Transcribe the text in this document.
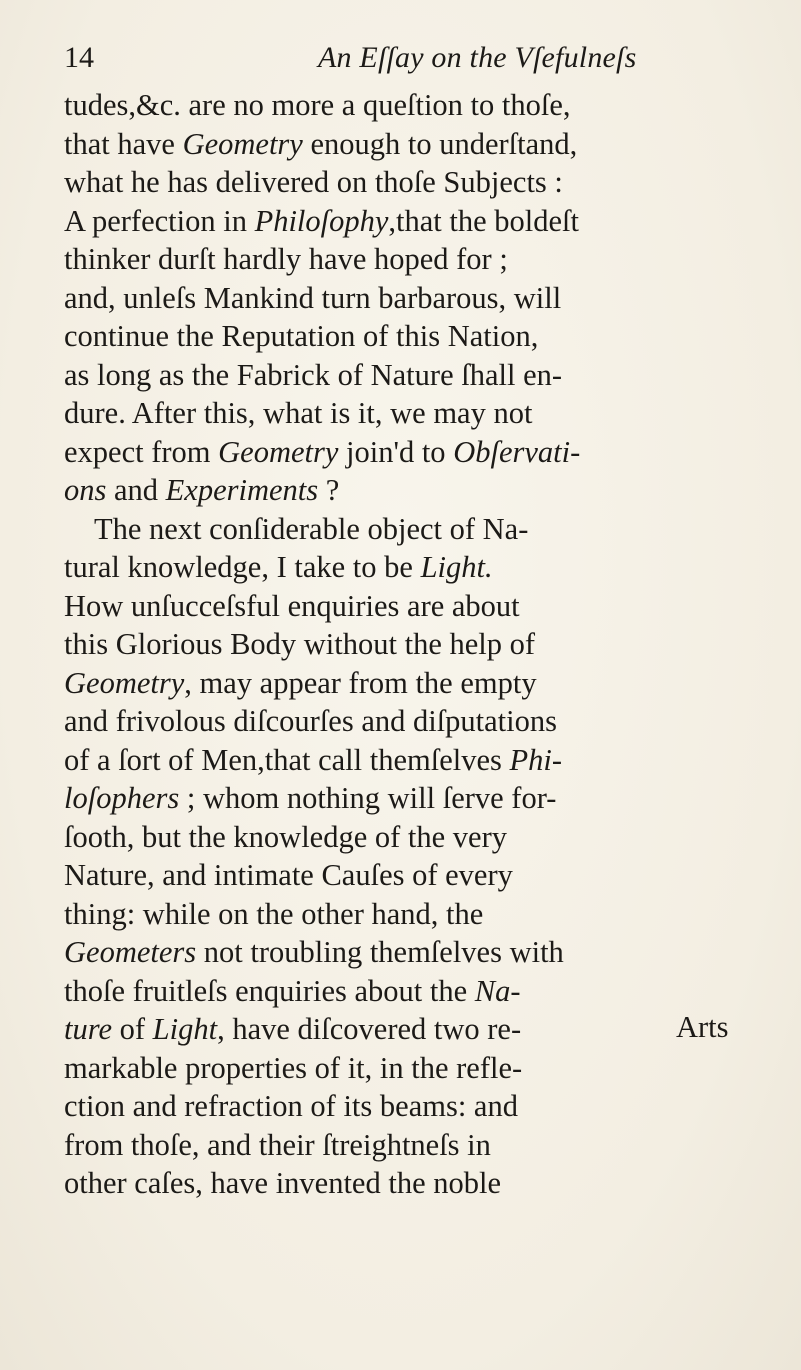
14	An Eſſay on the Vſefulneſs
tudes,&c. are no more a queſtion to thoſe,
that have Geometry enough to underſtand,
what he has delivered on thoſe Subjects :
A perfection in Philoſophy,that the boldeſt
thinker durſt hardly have hoped for ;
and, unleſs Mankind turn barbarous, will
continue the Reputation of this Nation,
as long as the Fabrick of Nature ſhall en-
dure. After this, what is it, we may not
expect from Geometry join'd to Obſervati-
ons and Experiments ?
The next conſiderable object of Na-
tural knowledge, I take to be Light.
How unſucceſsful enquiries are about
this Glorious Body without the help of
Geometry, may appear from the empty
and frivolous diſcourſes and diſputations
of a ſort of Men,that call themſelves Phi-
loſophers ; whom nothing will ſerve for-
ſooth, but the knowledge of the very
Nature, and intimate Cauſes of every
thing: while on the other hand, the
Geometers not troubling themſelves with
thoſe fruitleſs enquiries about the Na-
ture of Light, have diſcovered two re-
markable properties of it, in the refle-
ction and refraction of its beams: and
from thoſe, and their ſtreightneſs in
other caſes, have invented the noble
Arts
